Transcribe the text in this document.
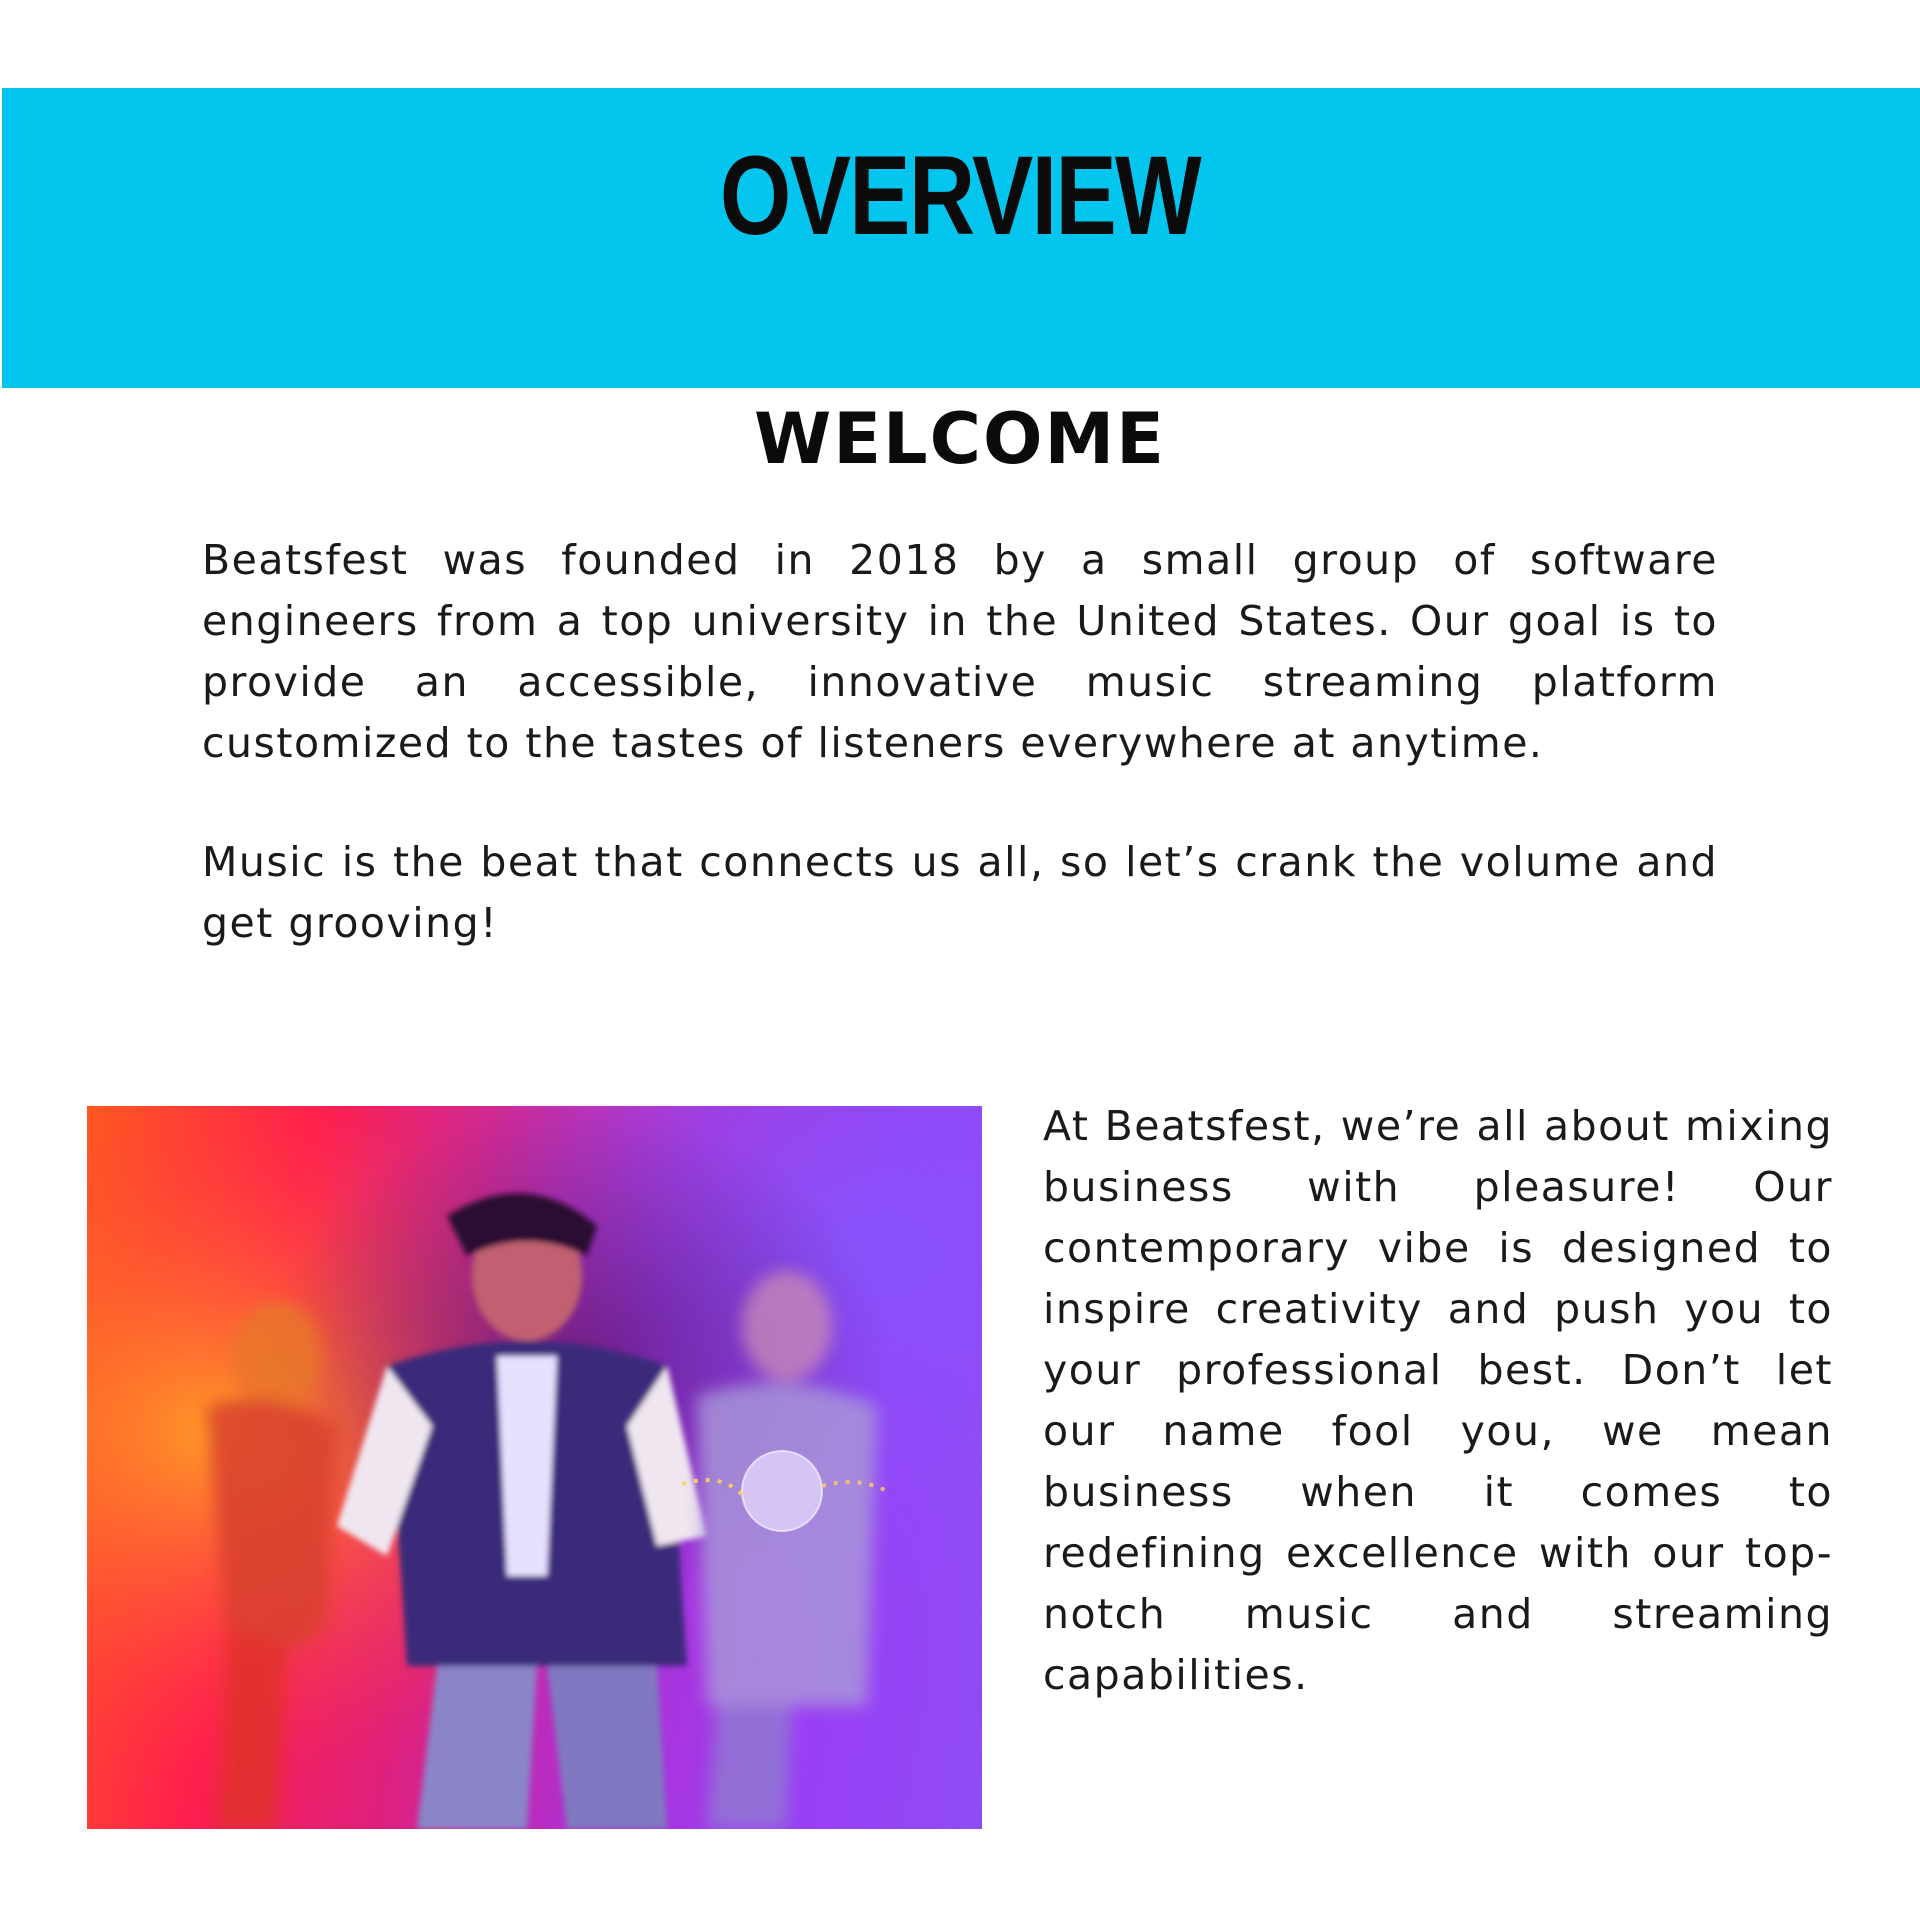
OVERVIEW
WELCOME

Beatsfest was founded in 2018 by a small group of software engineers from a top university in the United States. Our goal is to provide an accessible, innovative music streaming platform customized to the tastes of listeners everywhere at anytime.

Music is the beat that connects us all, so let’s crank the volume and get grooving!

At Beatsfest, we’re all about mixing business with pleasure! Our contemporary vibe is designed to inspire creativity and push you to your professional best. Don’t let our name fool you, we mean business when it comes to redefining excellence with our top-notch music and streaming capabilities.
